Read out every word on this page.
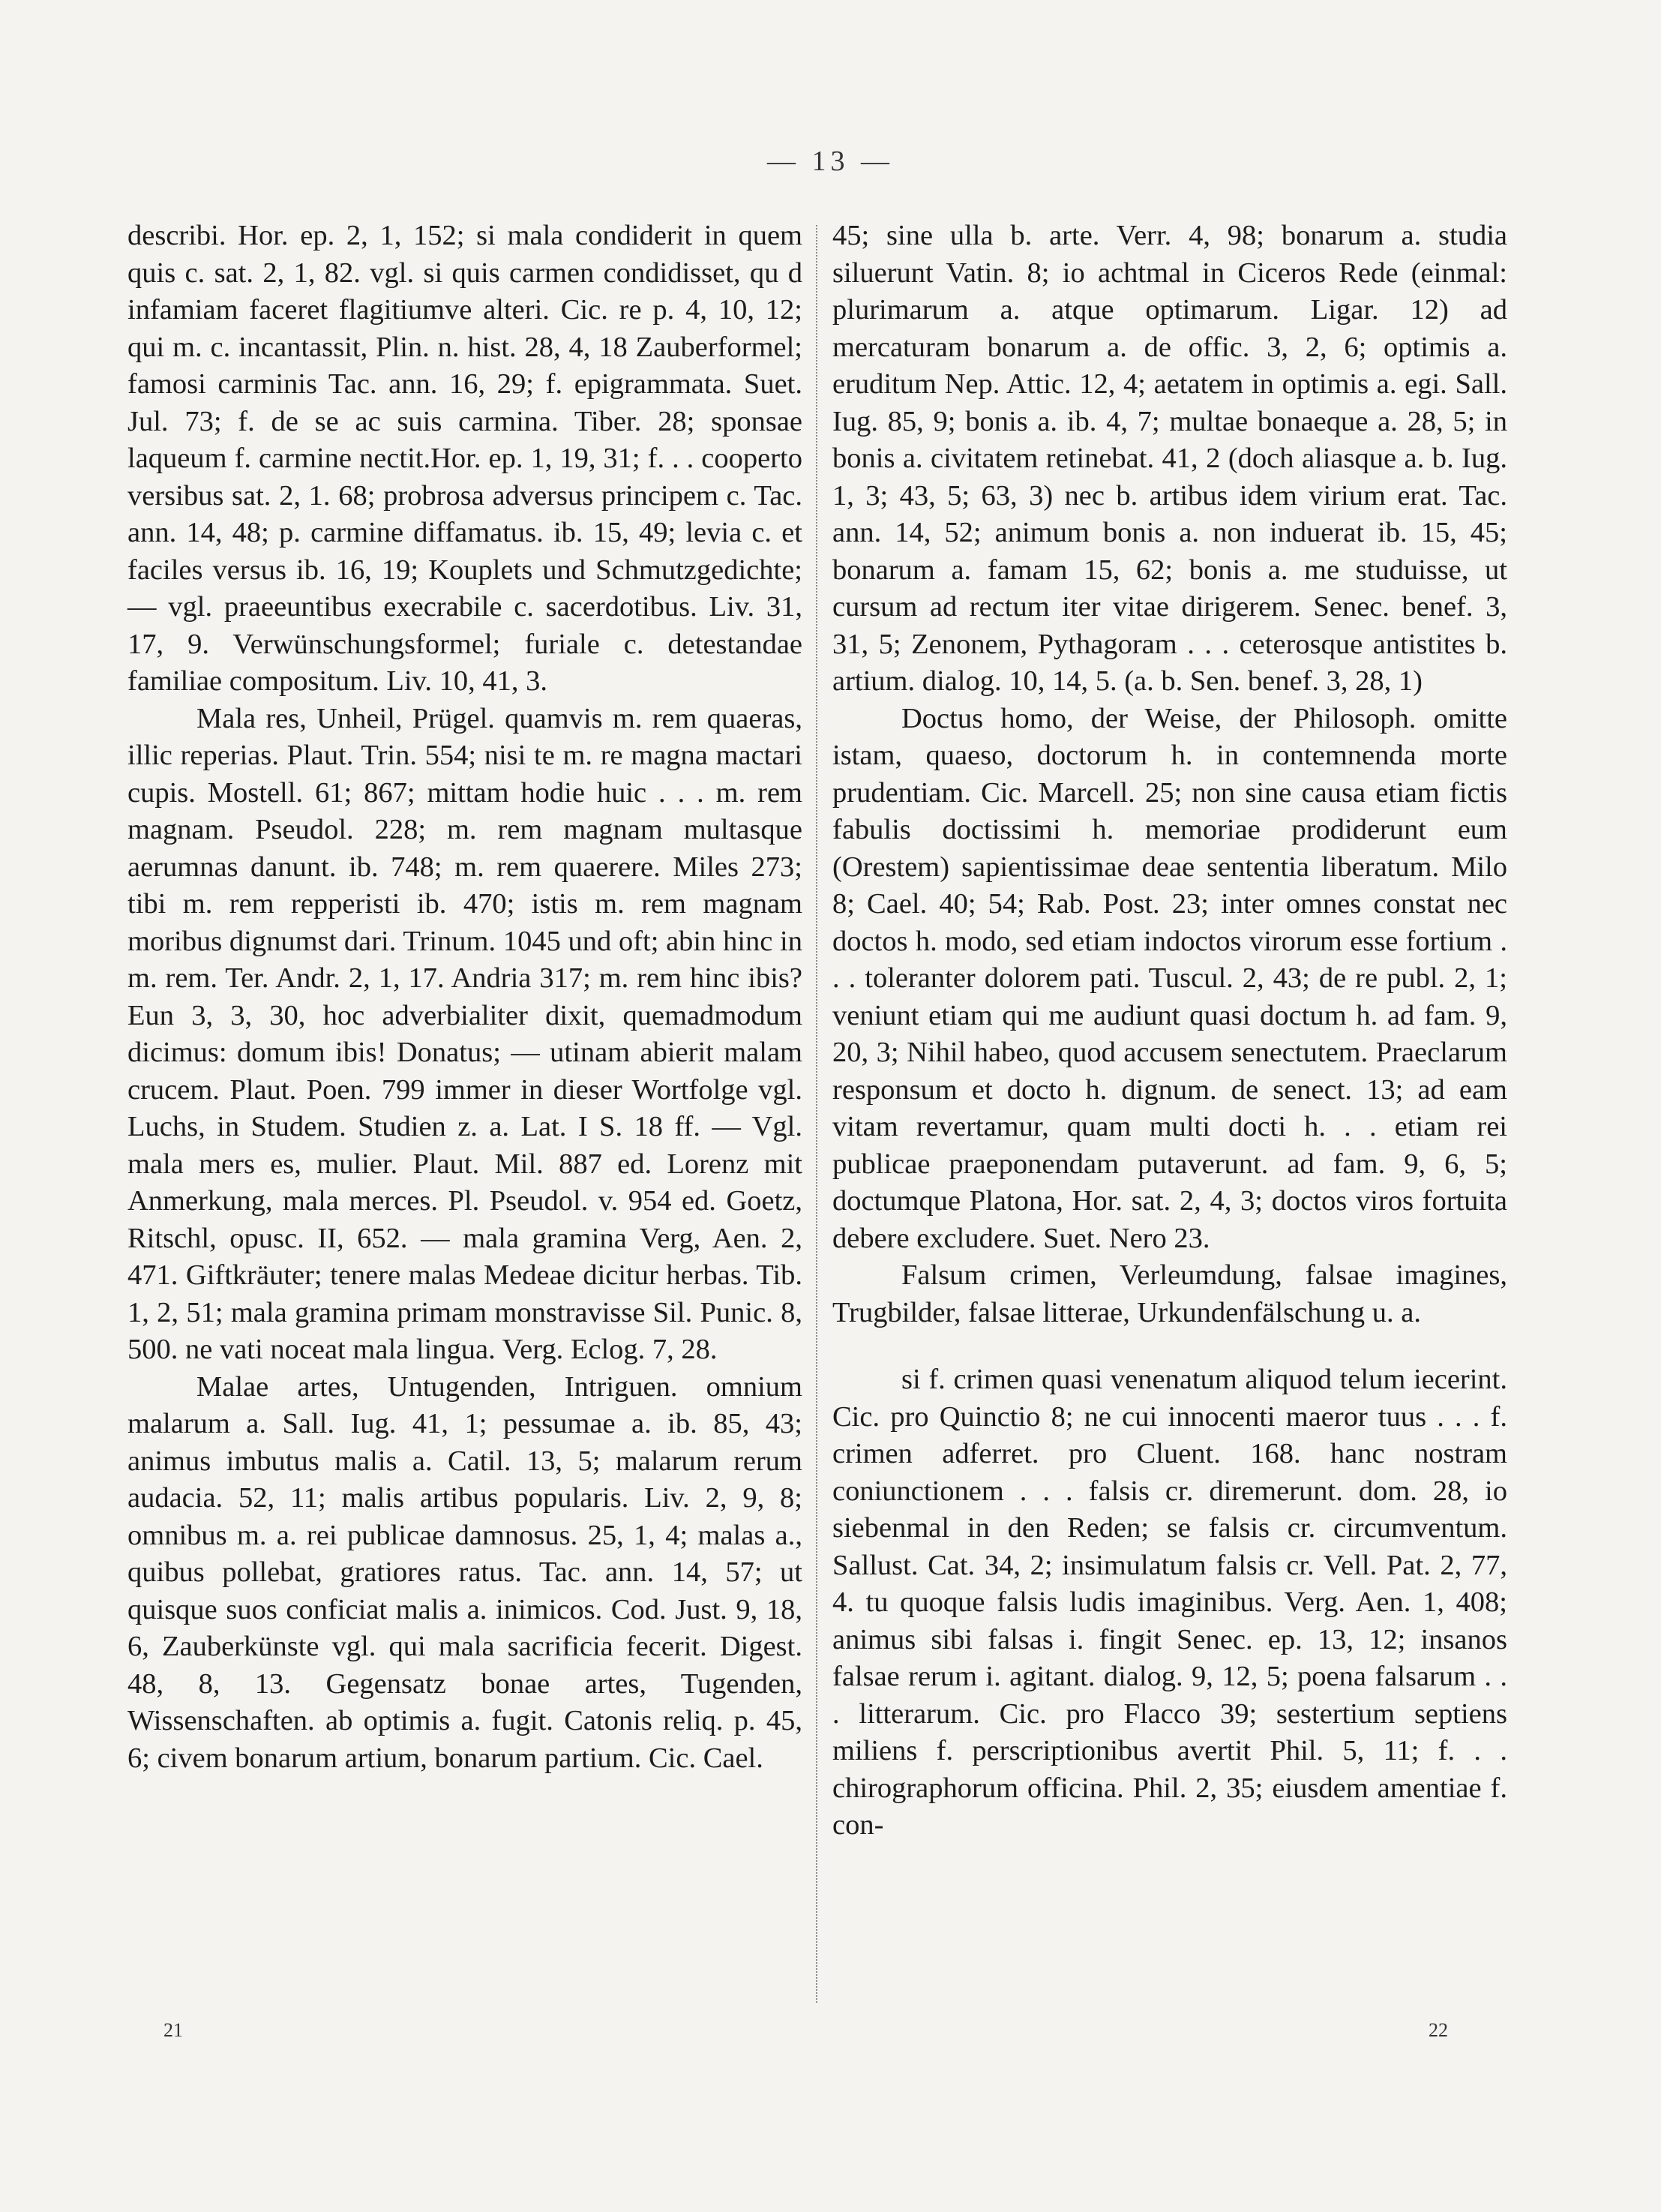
— 13 —

describi. Hor. ep. 2, 1, 152; si mala condiderit in quem quis c. sat. 2, 1, 82. vgl. si quis carmen condidisset, qu d infamiam faceret flagitiumve alteri. Cic. re p. 4, 10, 12; qui m. c. incantassit, Plin. n. hist. 28, 4, 18 Zauberformel; famosi carminis Tac. ann. 16, 29; f. epigrammata. Suet. Jul. 73; f. de se ac suis carmina. Tiber. 28; sponsae laqueum f. carmine nectit.Hor. ep. 1, 19, 31; f. . . cooperto versibus sat. 2, 1. 68; probrosa adversus principem c. Tac. ann. 14, 48; p. carmine diffamatus. ib. 15, 49; levia c. et faciles versus ib. 16, 19; Kouplets und Schmutzgedichte; — vgl. praeeuntibus execrabile c. sacerdotibus. Liv. 31, 17, 9. Verwünschungsformel; furiale c. detestandae familiae compositum. Liv. 10, 41, 3.

Mala res, Unheil, Prügel. quamvis m. rem quaeras, illic reperias. Plaut. Trin. 554; nisi te m. re magna mactari cupis. Mostell. 61; 867; mittam hodie huic . . . m. rem magnam. Pseudol. 228; m. rem magnam multasque aerumnas danunt. ib. 748; m. rem quaerere. Miles 273; tibi m. rem repperisti ib. 470; istis m. rem magnam moribus dignumst dari. Trinum. 1045 und oft; abin hinc in m. rem. Ter. Andr. 2, 1, 17. Andria 317; m. rem hinc ibis? Eun 3, 3, 30, hoc adverbialiter dixit, quemadmodum dicimus: domum ibis! Donatus; — utinam abierit malam crucem. Plaut. Poen. 799 immer in dieser Wortfolge vgl. Luchs, in Studem. Studien z. a. Lat. I S. 18 ff. — Vgl. mala mers es, mulier. Plaut. Mil. 887 ed. Lorenz mit Anmerkung, mala merces. Pl. Pseudol. v. 954 ed. Goetz, Ritschl, opusc. II, 652. — mala gramina Verg, Aen. 2, 471. Giftkräuter; tenere malas Medeae dicitur herbas. Tib. 1, 2, 51; mala gramina primam monstravisse Sil. Punic. 8, 500. ne vati noceat mala lingua. Verg. Eclog. 7, 28.

Malae artes, Untugenden, Intriguen. omnium malarum a. Sall. Iug. 41, 1; pessumae a. ib. 85, 43; animus imbutus malis a. Catil. 13, 5; malarum rerum audacia. 52, 11; malis artibus popularis. Liv. 2, 9, 8; omnibus m. a. rei publicae damnosus. 25, 1, 4; malas a., quibus pollebat, gratiores ratus. Tac. ann. 14, 57; ut quisque suos conficiat malis a. inimicos. Cod. Just. 9, 18, 6, Zauberkünste vgl. qui mala sacrificia fecerit. Digest. 48, 8, 13. Gegensatz bonae artes, Tugenden, Wissenschaften. ab optimis a. fugit. Catonis reliq. p. 45, 6; civem bonarum artium, bonarum partium. Cic. Cael.

45; sine ulla b. arte. Verr. 4, 98; bonarum a. studia siluerunt Vatin. 8; io achtmal in Ciceros Rede (einmal: plurimarum a. atque optimarum. Ligar. 12) ad mercaturam bonarum a. de offic. 3, 2, 6; optimis a. eruditum Nep. Attic. 12, 4; aetatem in optimis a. egi. Sall. Iug. 85, 9; bonis a. ib. 4, 7; multae bonaeque a. 28, 5; in bonis a. civitatem retinebat. 41, 2 (doch aliasque a. b. Iug. 1, 3; 43, 5; 63, 3) nec b. artibus idem virium erat. Tac. ann. 14, 52; animum bonis a. non induerat ib. 15, 45; bonarum a. famam 15, 62; bonis a. me studuisse, ut cursum ad rectum iter vitae dirigerem. Senec. benef. 3, 31, 5; Zenonem, Pythagoram . . . ceterosque antistites b. artium. dialog. 10, 14, 5. (a. b. Sen. benef. 3, 28, 1)

Doctus homo, der Weise, der Philosoph. omitte istam, quaeso, doctorum h. in contemnenda morte prudentiam. Cic. Marcell. 25; non sine causa etiam fictis fabulis doctissimi h. memoriae prodiderunt eum (Orestem) sapientissimae deae sententia liberatum. Milo 8; Cael. 40; 54; Rab. Post. 23; inter omnes constat nec doctos h. modo, sed etiam indoctos virorum esse fortium . . . toleranter dolorem pati. Tuscul. 2, 43; de re publ. 2, 1; veniunt etiam qui me audiunt quasi doctum h. ad fam. 9, 20, 3; Nihil habeo, quod accusem senectutem. Praeclarum responsum et docto h. dignum. de senect. 13; ad eam vitam revertamur, quam multi docti h. . . etiam rei publicae praeponendam putaverunt. ad fam. 9, 6, 5; doctumque Platona, Hor. sat. 2, 4, 3; doctos viros fortuita debere excludere. Suet. Nero 23.

Falsum crimen, Verleumdung, falsae imagines, Trugbilder, falsae litterae, Urkundenfälschung u. a.

si f. crimen quasi venenatum aliquod telum iecerint. Cic. pro Quinctio 8; ne cui innocenti maeror tuus . . . f. crimen adferret. pro Cluent. 168. hanc nostram coniunctionem . . . falsis cr. diremerunt. dom. 28, io siebenmal in den Reden; se falsis cr. circumventum. Sallust. Cat. 34, 2; insimulatum falsis cr. Vell. Pat. 2, 77, 4. tu quoque falsis ludis imaginibus. Verg. Aen. 1, 408; animus sibi falsas i. fingit Senec. ep. 13, 12; insanos falsae rerum i. agitant. dialog. 9, 12, 5; poena falsarum . . . litterarum. Cic. pro Flacco 39; sestertium septiens miliens f. perscriptionibus avertit Phil. 5, 11; f. . . chirographorum officina. Phil. 2, 35; eiusdem amentiae f. con-

21	22
